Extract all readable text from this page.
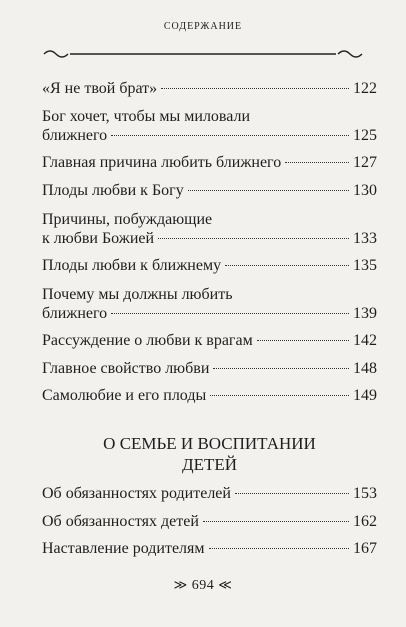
СОДЕРЖАНИЕ
«Я не твой брат»	122
Бог хочет, чтобы мы миловали
ближнего	125
Главная причина любить ближнего	127
Плоды любви к Богу	130
Причины, побуждающие
к любви Божией	133
Плоды любви к ближнему	135
Почему мы должны любить
ближнего	139
Рассуждение о любви к врагам	142
Главное свойство любви	148
Самолюбие и его плоды	149
О СЕМЬЕ И ВОСПИТАНИИ
ДЕТЕЙ
Об обязанностях родителей	153
Об обязанностях детей	162
Наставление родителям	167
≫ 694 ≪
